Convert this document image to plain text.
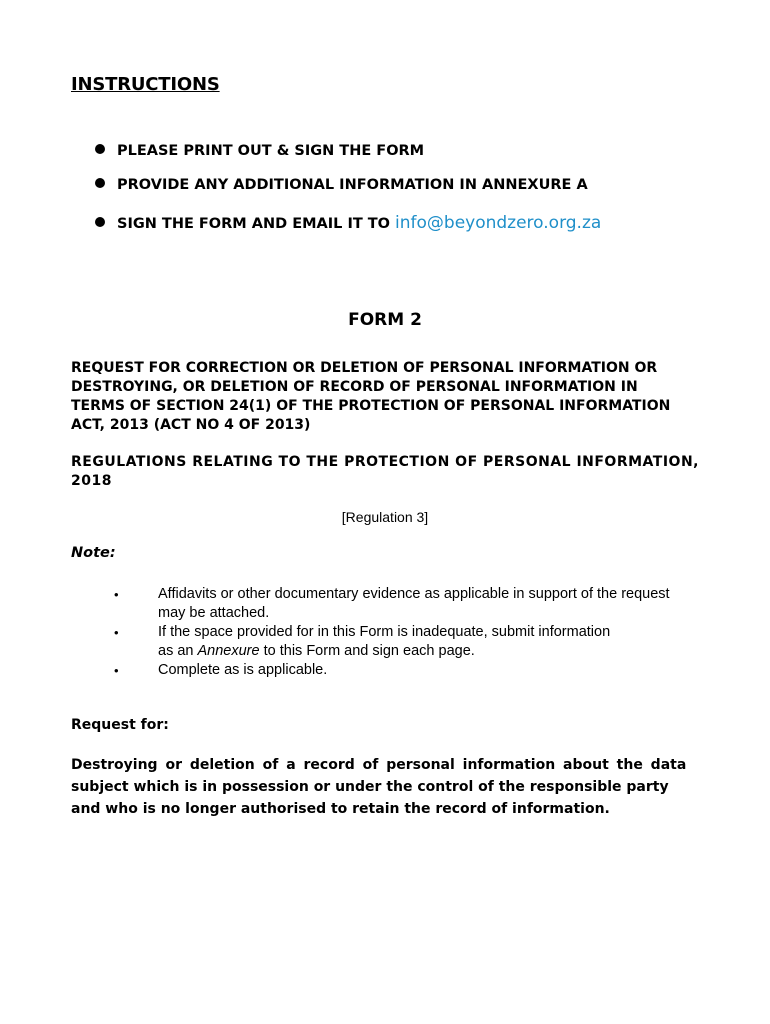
INSTRUCTIONS
PLEASE PRINT OUT & SIGN THE FORM
PROVIDE ANY ADDITIONAL INFORMATION IN ANNEXURE A
SIGN THE FORM AND EMAIL IT TO info@beyondzero.org.za
FORM 2
REQUEST FOR CORRECTION OR DELETION OF PERSONAL INFORMATION OR
DESTROYING, OR DELETION OF RECORD OF PERSONAL INFORMATION IN
TERMS OF SECTION 24(1) OF THE PROTECTION OF PERSONAL INFORMATION
ACT, 2013 (ACT NO 4 OF 2013)
REGULATIONS RELATING TO THE PROTECTION OF PERSONAL INFORMATION,
2018
[Regulation 3]
Note:
•	Affidavits or other documentary evidence as applicable in support of the request
may be attached.
•	If the space provided for in this Form is inadequate, submit information
as an Annexure to this Form and sign each page.
•	Complete as is applicable.
Request for:
Destroying or deletion of a record of personal information about the data
subject which is in possession or under the control of the responsible party
and who is no longer authorised to retain the record of information.
